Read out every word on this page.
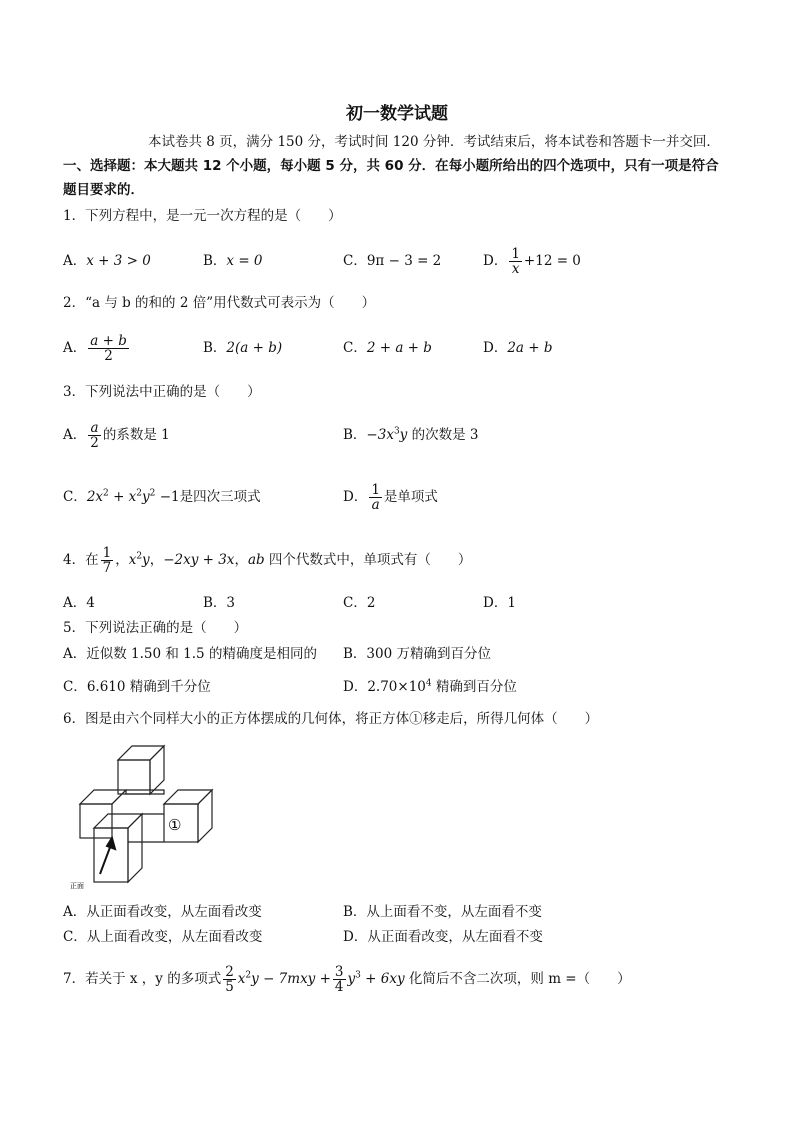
初一数学试题
本试卷共 8 页，满分 150 分，考试时间 120 分钟．考试结束后，将本试卷和答题卡一并交回．
一、选择题：本大题共 12 个小题，每小题 5 分，共 60 分．在每小题所给出的四个选项中，只有一项是符合
题目要求的．
1．下列方程中，是一元一次方程的是（　　）
A．x + 3 > 0	B．x = 0	C．9π − 3 = 2	D． $\frac{1}{x} +12 = 0$
2．“a 与 b 的和的 2 倍”用代数式可表示为（　　）
A． $\frac{a + b}{2}$	B．2(a + b)	C．2 + a + b	D．2a + b
3．下列说法中正确的是（　　）
A． $\frac{a}{2}$ 的系数是 1	B．$-3x^3y$ 的次数是 3
C．$2x^2 + x^2y^2 -1$是四次三项式	D． $\frac{1}{a}$ 是单项式
4．在 $\frac{1}{7}$ ，$x^2y$，−2xy + 3x，ab 四个代数式中，单项式有（　　）
A．4	B．3	C．2	D．1
5．下列说法正确的是（　　）
A．近似数 1.50 和 1.5 的精确度是相同的 B．300 万精确到百分位
C．6.610 精确到千分位	D．$2.70\times 10^4$ 精确到百分位
6．图是由六个同样大小的正方体摆成的几何体，将正方体①移走后，所得几何体（　　）
①
正面
A．从正面看改变，从左面看改变	B．从上面看不变，从左面看不变
C．从上面看改变，从左面看改变	D．从正面看改变，从左面看不变
7．若关于 x ，y 的多项式 $\frac{2}{5} x^2y - 7mxy + \frac{3}{4} y^3 + 6xy$ 化简后不含二次项，则 m =（　　）
